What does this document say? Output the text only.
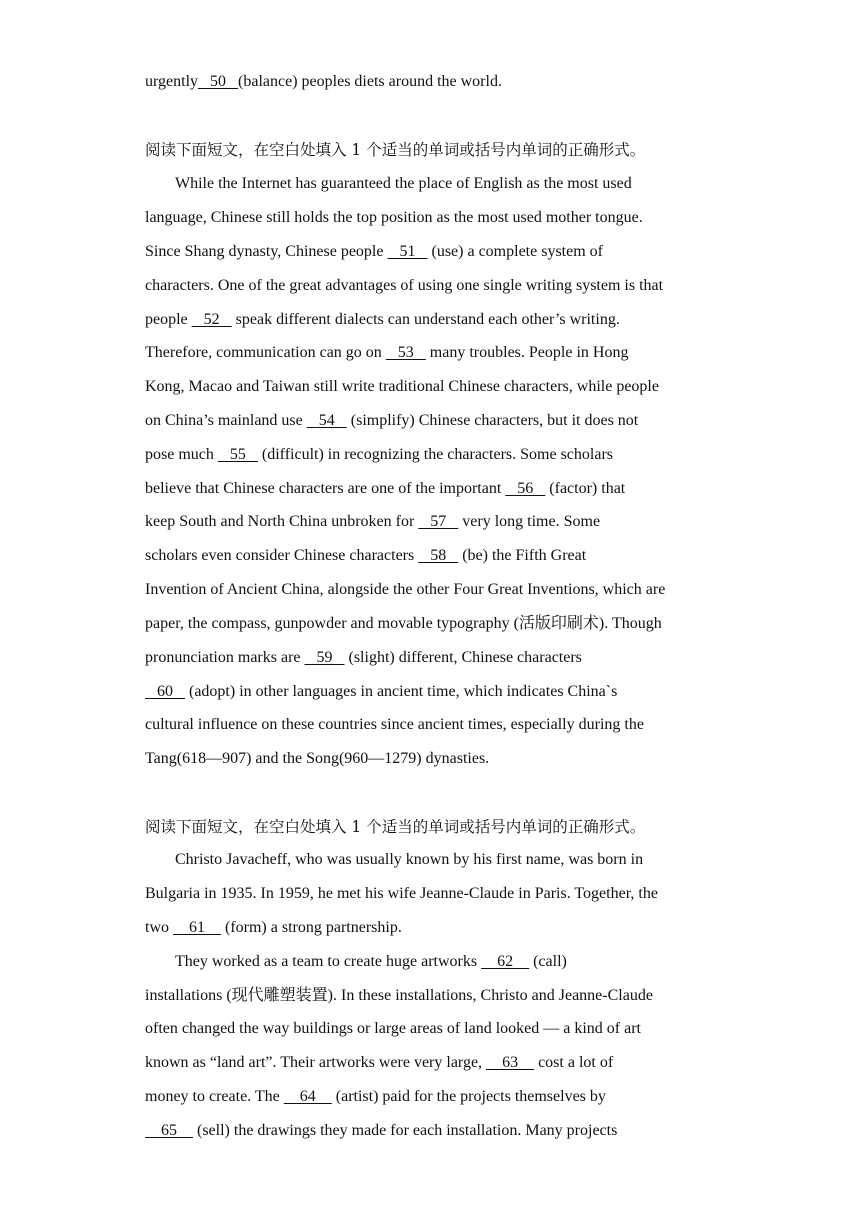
urgently   50   (balance) peoples diets around the world.
阅读下面短文，在空白处填入 1 个适当的单词或括号内单词的正确形式。
While the Internet has guaranteed the place of English as the most used
language, Chinese still holds the top position as the most used mother tongue.
Since Shang dynasty, Chinese people    51    (use) a complete system of
characters. One of the great advantages of using one single writing system is that
people    52    speak different dialects can understand each other’s writing.
Therefore, communication can go on    53    many troubles. People in Hong
Kong, Macao and Taiwan still write traditional Chinese characters, while people
on China’s mainland use    54    (simplify) Chinese characters, but it does not
pose much    55    (difficult) in recognizing the characters. Some scholars
believe that Chinese characters are one of the important    56    (factor) that
keep South and North China unbroken for    57    very long time. Some
scholars even consider Chinese characters    58    (be) the Fifth Great
Invention of Ancient China, alongside the other Four Great Inventions, which are
paper, the compass, gunpowder and movable typography (活版印刷术). Though
pronunciation marks are    59    (slight) different, Chinese characters
60    (adopt) in other languages in ancient time, which indicates China`s
cultural influence on these countries since ancient times, especially during the
Tang(618—907) and the Song(960—1279) dynasties.
阅读下面短文，在空白处填入 1 个适当的单词或括号内单词的正确形式。
Christo Javacheff, who was usually known by his first name, was born in
Bulgaria in 1935. In 1959, he met his wife Jeanne-Claude in Paris. Together, the
two     61     (form) a strong partnership.
They worked as a team to create huge artworks     62     (call)
installations (现代雕塑装置). In these installations, Christo and Jeanne-Claude
often changed the way buildings or large areas of land looked — a kind of art
known as “land art”. Their artworks were very large,     63     cost a lot of
money to create. The     64     (artist) paid for the projects themselves by
65     (sell) the drawings they made for each installation. Many projects
